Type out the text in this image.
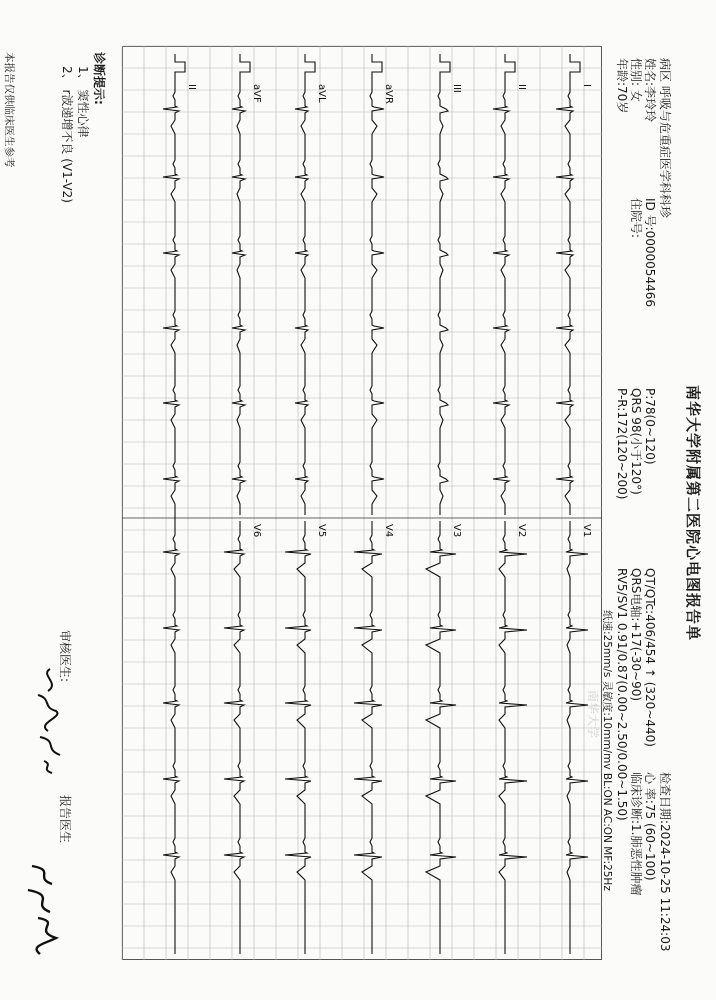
I
V1
II
V2
III
V3
aVR
V4
aVL
V5
aVF
V6
II
南华大学附属第二医院心电图报告单
病区 呼吸与危重症医学科科珍
姓名:李玲玲
性别: 女
年龄:70岁
ID 号:0000054466
住院号:
检查日期:2024-10-25 11:24:03
心 率:75 (60~100)
临床诊断:1.肺恶性肿瘤
P:78(0~120)
QRS 98(小于120°)
P-R:172(120~200)
QT/QTc:406/454 ↑ (320~440)
QRS电轴:+17(-30~90)
RV5/SV1 0.91/0.87(0.00~2.50/0.00~1.50)
纸速:25mm/s 灵敏度:10mm/mv BL:ON AC:ON MF:25Hz
诊断提示:
1、 窦性心律
2、 r波递增不良 (V1-V2)
审核医生:
报告医生
本报告仅供临床医生参考
南华大学
